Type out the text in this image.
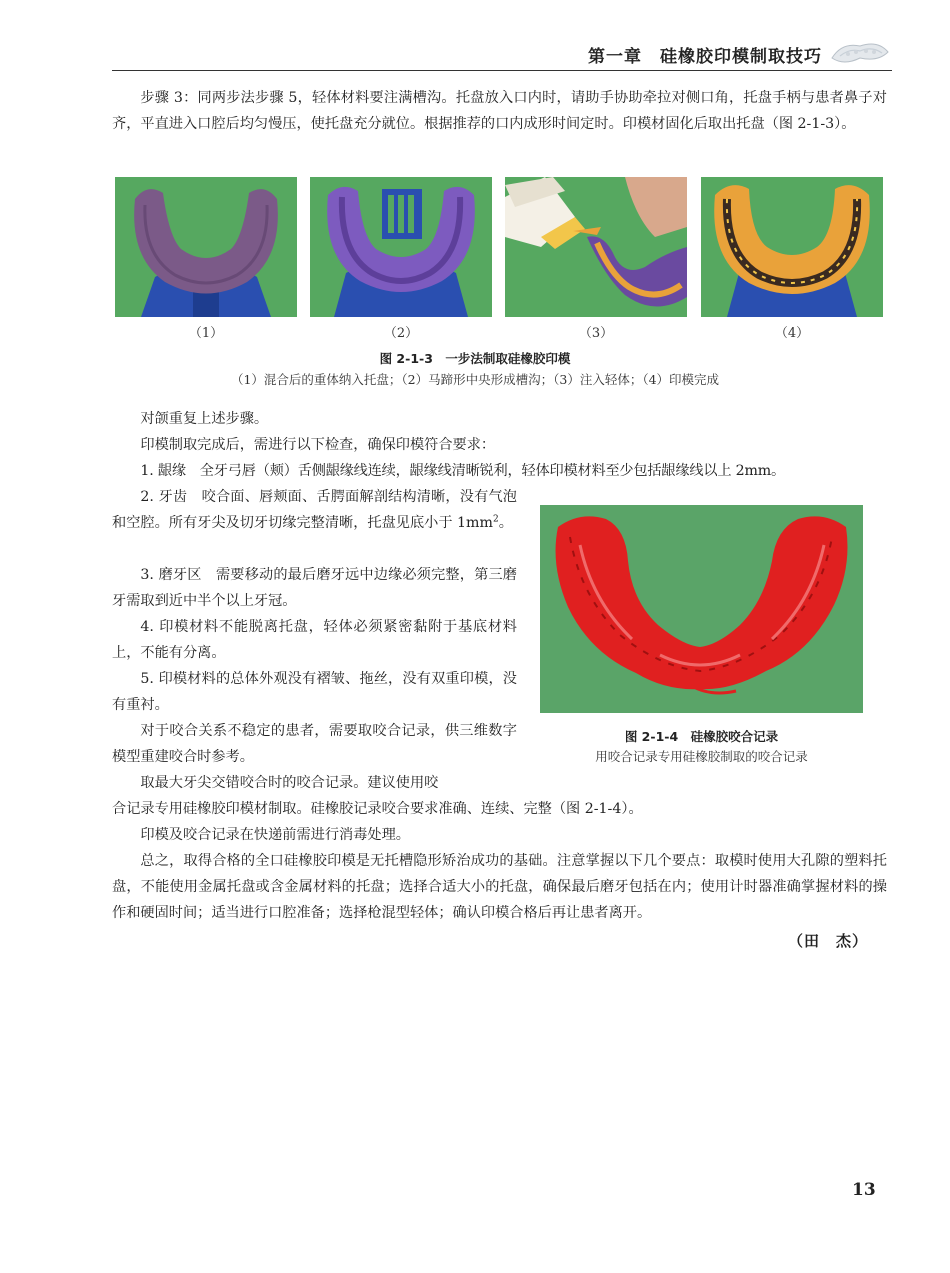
第一章　硅橡胶印模制取技巧

步骤 3：同两步法步骤 5，轻体材料要注满槽沟。托盘放入口内时，请助手协助牵拉对侧口角，托盘手柄与患者鼻子对齐，平直进入口腔后均匀慢压，使托盘充分就位。根据推荐的口内成形时间定时。印模材固化后取出托盘（图 2-1-3）。

（1）	（2）	（3）	（4）
图 2-1-3　一步法制取硅橡胶印模
（1）混合后的重体纳入托盘；（2）马蹄形中央形成槽沟；（3）注入轻体；（4）印模完成

对颌重复上述步骤。

印模制取完成后，需进行以下检查，确保印模符合要求：

1. 龈缘　全牙弓唇（颊）舌侧龈缘线连续，龈缘线清晰锐利，轻体印模材料至少包括龈缘线以上 2mm。

2. 牙齿　咬合面、唇颊面、舌腭面解剖结构清晰，没有气泡和空腔。所有牙尖及切牙切缘完整清晰，托盘见底小于 $1mm^2$。

3. 磨牙区　需要移动的最后磨牙远中边缘必须完整，第三磨牙需取到近中半个以上牙冠。

4. 印模材料不能脱离托盘，轻体必须紧密黏附于基底材料上，不能有分离。

5. 印模材料的总体外观没有褶皱、拖丝，没有双重印模，没有重衬。

对于咬合关系不稳定的患者，需要取咬合记录，供三维数字模型重建咬合时参考。

取最大牙尖交错咬合时的咬合记录。建议使用咬

合记录专用硅橡胶印模材制取。硅橡胶记录咬合要求准确、连续、完整（图 2-1-4）。

印模及咬合记录在快递前需进行消毒处理。

总之，取得合格的全口硅橡胶印模是无托槽隐形矫治成功的基础。注意掌握以下几个要点：取模时使用大孔隙的塑料托盘，不能使用金属托盘或含金属材料的托盘；选择合适大小的托盘，确保最后磨牙包括在内；使用计时器准确掌握材料的操作和硬固时间；适当进行口腔准备；选择枪混型轻体；确认印模合格后再让患者离开。

图 2-1-4　硅橡胶咬合记录
用咬合记录专用硅橡胶制取的咬合记录
（田　杰）
13
